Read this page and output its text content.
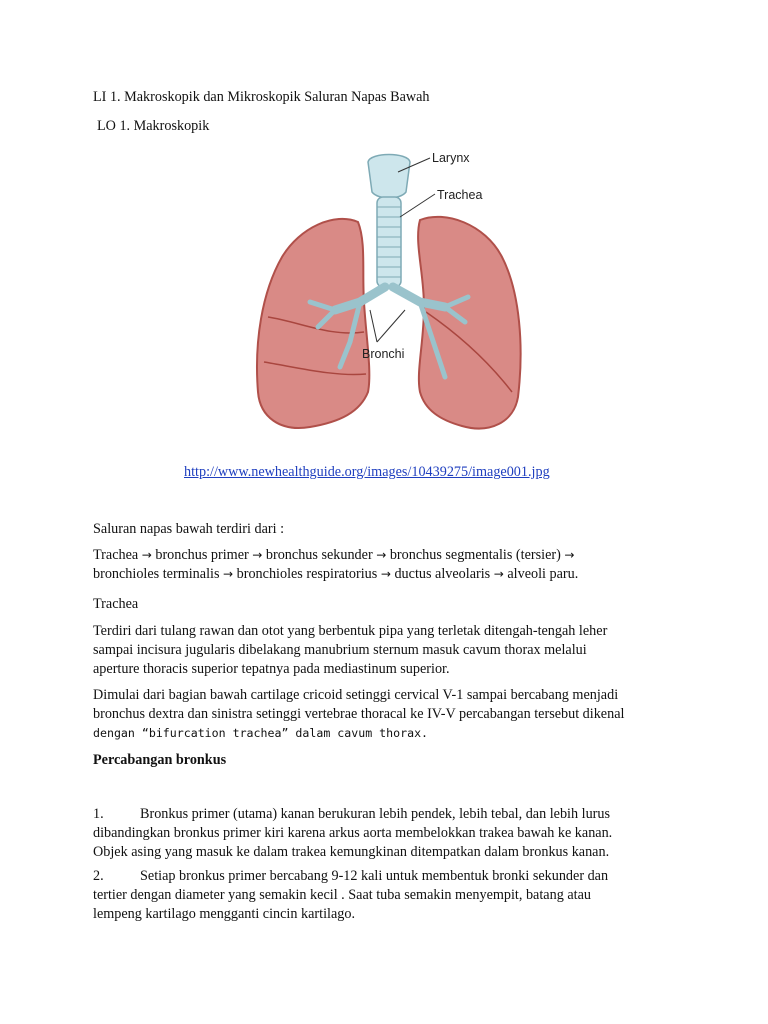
LI 1. Makroskopik dan Mikroskopik Saluran Napas Bawah
LO 1. Makroskopik
Larynx
Trachea
Bronchi
http://www.newhealthguide.org/images/10439275/image001.jpg
Saluran napas bawah terdiri dari :
Trachea → bronchus primer → bronchus sekunder → bronchus segmentalis (tersier) →
bronchioles terminalis → bronchioles respiratorius → ductus alveolaris → alveoli paru.
Trachea
Terdiri dari tulang rawan dan otot yang berbentuk pipa yang terletak ditengah-tengah leher
sampai incisura jugularis dibelakang manubrium sternum masuk cavum thorax melalui
aperture thoracis superior tepatnya pada mediastinum superior.
Dimulai dari bagian bawah cartilage cricoid setinggi cervical V-1 sampai bercabang menjadi
bronchus dextra dan sinistra setinggi vertebrae thoracal ke IV-V percabangan tersebut dikenal
dengan “bifurcation trachea” dalam cavum thorax.
Percabangan bronkus
1.	Bronkus primer (utama) kanan berukuran lebih pendek, lebih tebal, dan lebih lurus
dibandingkan bronkus primer kiri karena arkus aorta membelokkan trakea bawah ke kanan.
Objek asing yang masuk ke dalam trakea kemungkinan ditempatkan dalam bronkus kanan.
2.	Setiap bronkus primer bercabang 9-12 kali untuk membentuk bronki sekunder dan
tertier dengan diameter yang semakin kecil . Saat tuba semakin menyempit, batang atau
lempeng kartilago mengganti cincin kartilago.
